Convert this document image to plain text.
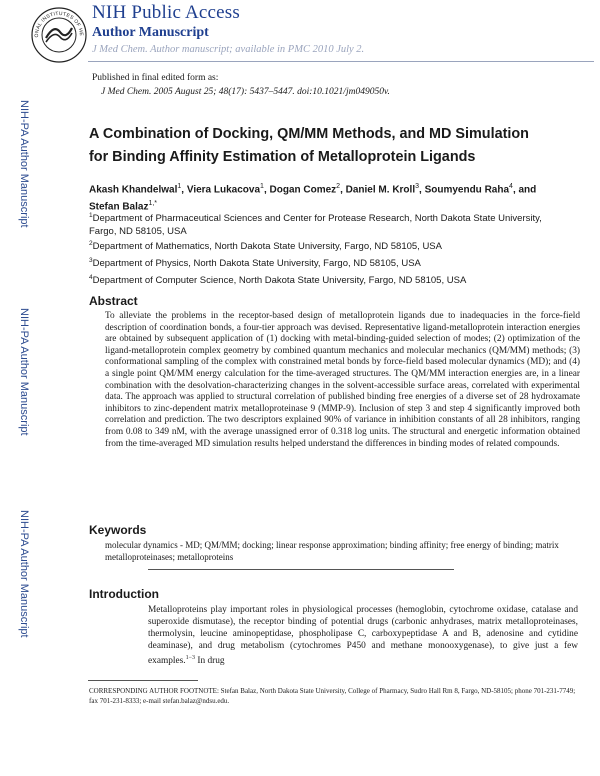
ONAL INSTITUTES OF HE
NIH Public Access
Author Manuscript
J Med Chem. Author manuscript; available in PMC 2010 July 2.
Published in final edited form as:
J Med Chem. 2005 August 25; 48(17): 5437–5447. doi:10.1021/jm049050v.
NIH-PA Author Manuscript
NIH-PA Author Manuscript
NIH-PA Author Manuscript
A Combination of Docking, QM/MM Methods, and MD Simulation
for Binding Affinity Estimation of Metalloprotein Ligands
Akash Khandelwal$^1$, Viera Lukacova$^1$, Dogan Comez$^2$, Daniel M. Kroll$^3$, Soumyendu Raha$^4$, and Stefan Balaz$^{1,*}$
$^1$Department of Pharmaceutical Sciences and Center for Protease Research, North Dakota State University, Fargo, ND 58105, USA
$^2$Department of Mathematics, North Dakota State University, Fargo, ND 58105, USA
$^3$Department of Physics, North Dakota State University, Fargo, ND 58105, USA
$^4$Department of Computer Science, North Dakota State University, Fargo, ND 58105, USA
Abstract
To alleviate the problems in the receptor-based design of metalloprotein ligands due to inadequacies in the force-field description of coordination bonds, a four-tier approach was devised. Representative ligand-metalloprotein interaction energies are obtained by subsequent application of (1) docking with metal-binding-guided selection of modes; (2) optimization of the ligand-metalloprotein complex geometry by combined quantum mechanics and molecular mechanics (QM/MM) methods; (3) conformational sampling of the complex with constrained metal bonds by force-field based molecular dynamics (MD); and (4) a single point QM/MM energy calculation for the time-averaged structures. The QM/MM interaction energies are, in a linear combination with the desolvation-characterizing changes in the solvent-accessible surface areas, correlated with experimental data. The approach was applied to structural correlation of published binding free energies of a diverse set of 28 hydroxamate inhibitors to zinc-dependent matrix metalloproteinase 9 (MMP-9). Inclusion of step 3 and step 4 significantly improved both correlation and prediction. The two descriptors explained 90% of variance in inhibition constants of all 28 inhibitors, ranging from 0.08 to 349 nM, with the average unassigned error of 0.318 log units. The structural and energetic information obtained from the time-averaged MD simulation results helped understand the differences in binding modes of related compounds.
Keywords
molecular dynamics - MD; QM/MM; docking; linear response approximation; binding affinity; free energy of binding; matrix metalloproteinases; metalloproteins
Introduction
Metalloproteins play important roles in physiological processes (hemoglobin, cytochrome oxidase, catalase and superoxide dismutase), the receptor binding of potential drugs (carbonic anhydrases, matrix metalloproteinases, thermolysin, leucine aminopeptidase, phospholipase C, carboxypeptidase A and B, adenosine and cytidine deaminase), and drug metabolism (cytochromes P450 and methane monooxygenase), to give just a few examples.$^{1-3}$ In drug
CORRESPONDING AUTHOR FOOTNOTE: Stefan Balaz, North Dakota State University, College of Pharmacy, Sudro Hall Rm 8, Fargo, ND-58105; phone 701-231-7749; fax 701-231-8333; e-mail stefan.balaz@ndsu.edu.
